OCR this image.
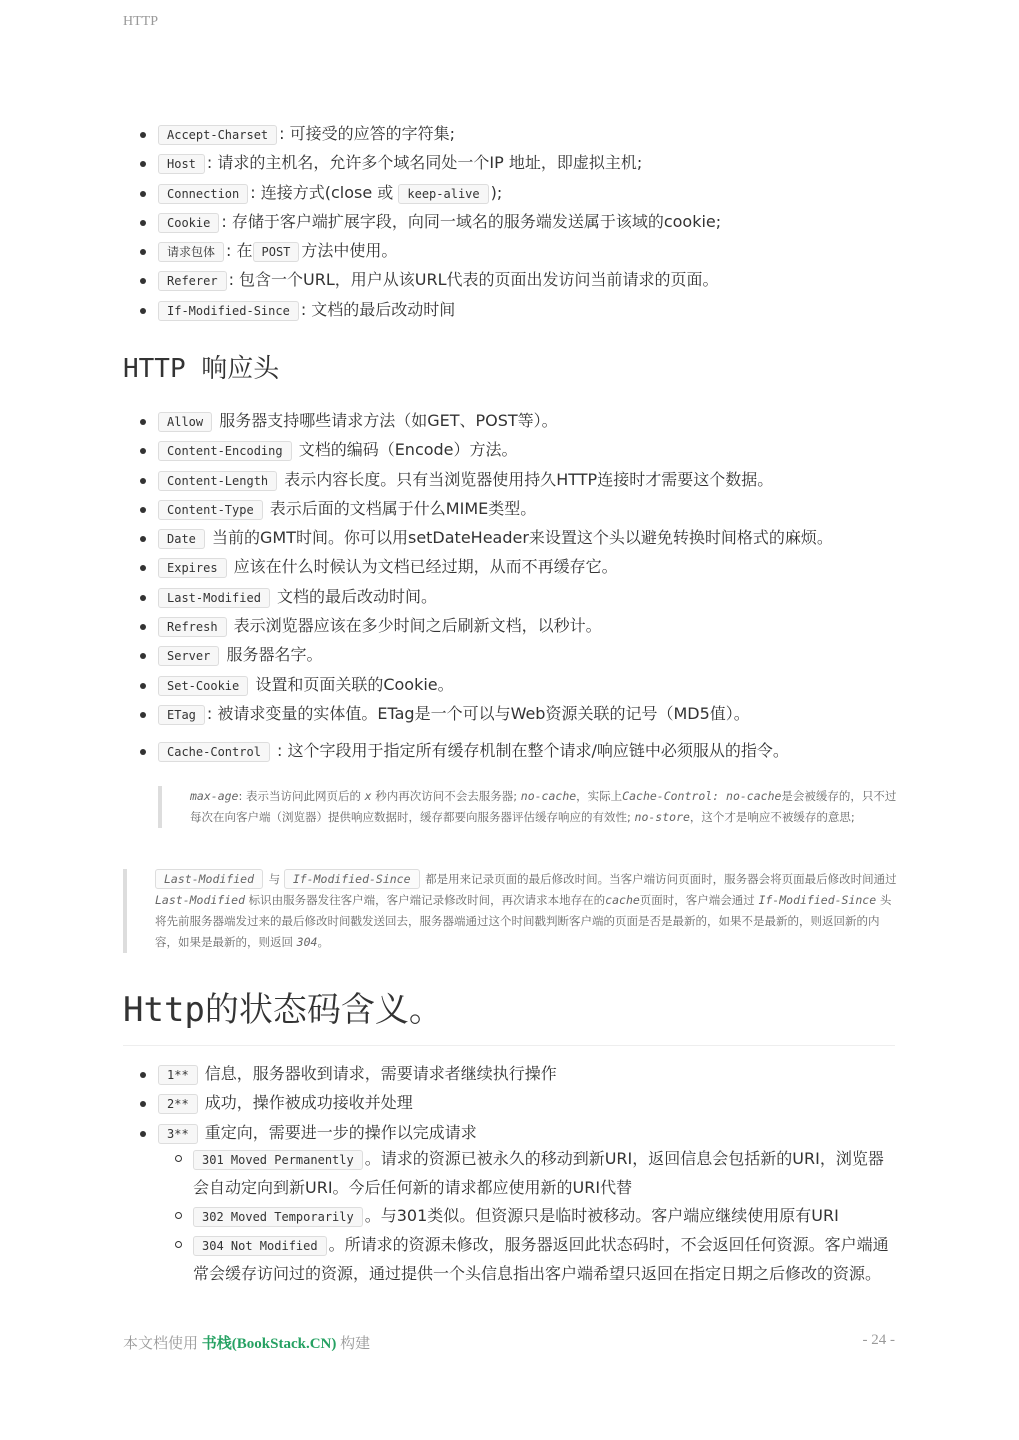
HTTP
Accept-Charset : 可接受的应答的字符集;
Host : 请求的主机名，允许多个域名同处一个IP 地址，即虚拟主机;
Connection : 连接方式(close 或 keep-alive );
Cookie : 存储于客户端扩展字段，向同一域名的服务端发送属于该域的cookie;
请求包体 : 在 POST 方法中使用。
Referer : 包含一个URL，用户从该URL代表的页面出发访问当前请求的页面。
If-Modified-Since : 文档的最后改动时间
HTTP 响应头
Allow 服务器支持哪些请求方法（如GET、POST等）。
Content-Encoding 文档的编码（Encode）方法。
Content-Length 表示内容长度。只有当浏览器使用持久HTTP连接时才需要这个数据。
Content-Type 表示后面的文档属于什么MIME类型。
Date 当前的GMT时间。你可以用setDateHeader来设置这个头以避免转换时间格式的麻烦。
Expires 应该在什么时候认为文档已经过期，从而不再缓存它。
Last-Modified 文档的最后改动时间。
Refresh 表示浏览器应该在多少时间之后刷新文档，以秒计。
Server 服务器名字。
Set-Cookie 设置和页面关联的Cookie。
ETag : 被请求变量的实体值。ETag是一个可以与Web资源关联的记号（MD5值）。
Cache-Control : 这个字段用于指定所有缓存机制在整个请求/响应链中必须服从的指令。
max-age: 表示当访问此网页后的 x 秒内再次访问不会去服务器; no-cache，实际上Cache-Control: no-cache是会被缓存的，只不过每次在向客户端（浏览器）提供响应数据时，缓存都要向服务器评估缓存响应的有效性; no-store，这个才是响应不被缓存的意思;
Last-Modified 与 If-Modified-Since 都是用来记录页面的最后修改时间。当客户端访问页面时，服务器会将页面最后修改时间通过 Last-Modified 标识由服务器发往客户端，客户端记录修改时间，再次请求本地存在的cache页面时，客户端会通过 If-Modified-Since 头将先前服务器端发过来的最后修改时间戳发送回去，服务器端通过这个时间戳判断客户端的页面是否是最新的，如果不是最新的，则返回新的内容，如果是最新的，则返回 304。
Http的状态码含义。
1** 信息，服务器收到请求，需要请求者继续执行操作
2** 成功，操作被成功接收并处理
3** 重定向，需要进一步的操作以完成请求
301 Moved Permanently 。请求的资源已被永久的移动到新URI，返回信息会包括新的URI，浏览器会自动定向到新URI。今后任何新的请求都应使用新的URI代替
302 Moved Temporarily 。与301类似。但资源只是临时被移动。客户端应继续使用原有URI
304 Not Modified 。所请求的资源未修改，服务器返回此状态码时，不会返回任何资源。客户端通常会缓存访问过的资源，通过提供一个头信息指出客户端希望只返回在指定日期之后修改的资源。
本文档使用 书栈(BookStack.CN) 构建	- 24 -
